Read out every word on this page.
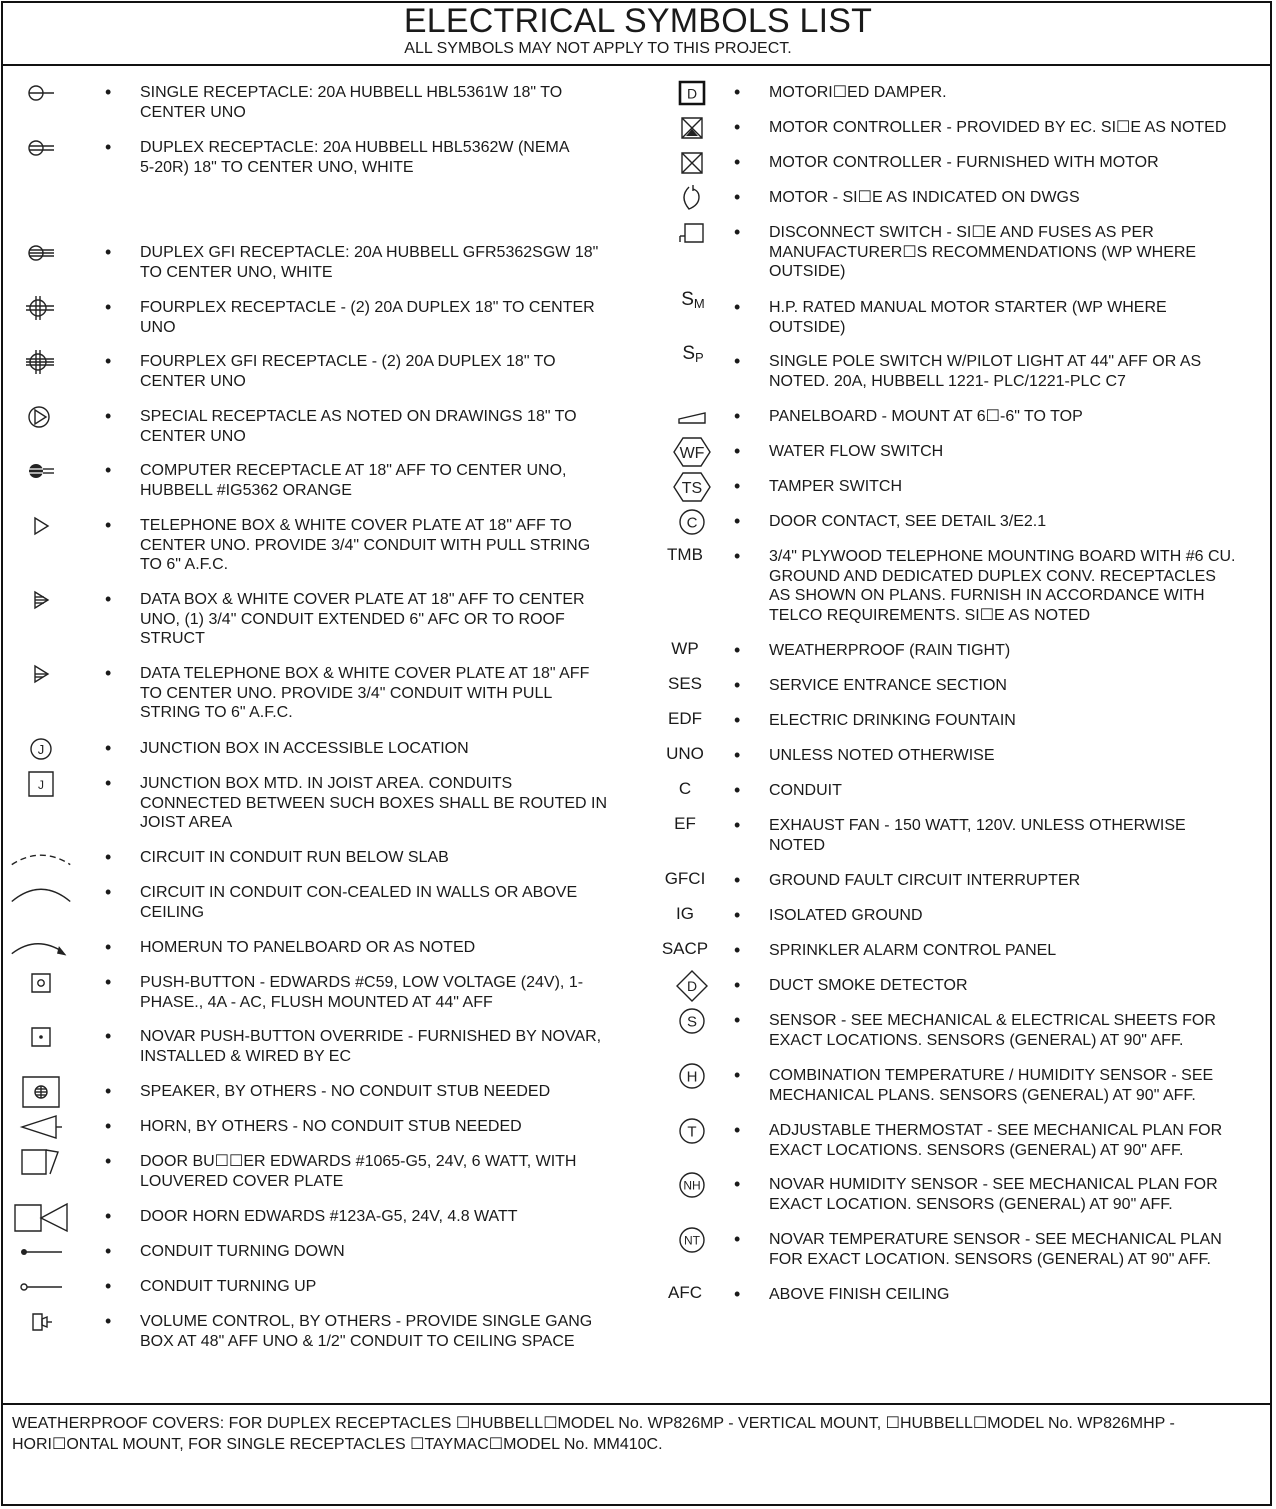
ELECTRICAL SYMBOLS LIST
ALL SYMBOLS MAY NOT APPLY TO THIS PROJECT.
• SINGLE RECEPTACLE: 20A HUBBELL HBL5361W 18" TO
CENTER UNO
• DUPLEX RECEPTACLE: 20A HUBBELL HBL5362W (NEMA
5-20R) 18" TO CENTER UNO, WHITE
• DUPLEX GFI RECEPTACLE: 20A HUBBELL GFR5362SGW 18"
TO CENTER UNO, WHITE
• FOURPLEX RECEPTACLE - (2) 20A DUPLEX 18" TO CENTER
UNO
• FOURPLEX GFI RECEPTACLE - (2) 20A DUPLEX 18" TO
CENTER UNO
• SPECIAL RECEPTACLE AS NOTED ON DRAWINGS 18" TO
CENTER UNO
• COMPUTER RECEPTACLE AT 18" AFF TO CENTER UNO,
HUBBELL #IG5362 ORANGE
• TELEPHONE BOX & WHITE COVER PLATE AT 18" AFF TO
CENTER UNO. PROVIDE 3/4" CONDUIT WITH PULL STRING
TO 6" A.F.C.
• DATA BOX & WHITE COVER PLATE AT 18" AFF TO CENTER
UNO, (1) 3/4" CONDUIT EXTENDED 6" AFC OR TO ROOF
STRUCT
• DATA TELEPHONE BOX & WHITE COVER PLATE AT 18" AFF
TO CENTER UNO. PROVIDE 3/4" CONDUIT WITH PULL
STRING TO 6" A.F.C.
J	• JUNCTION BOX IN ACCESSIBLE LOCATION
J	• JUNCTION BOX MTD. IN JOIST AREA. CONDUITS
CONNECTED BETWEEN SUCH BOXES SHALL BE ROUTED IN
JOIST AREA
• CIRCUIT IN CONDUIT RUN BELOW SLAB
• CIRCUIT IN CONDUIT CON-CEALED IN WALLS OR ABOVE
CEILING
• HOMERUN TO PANELBOARD OR AS NOTED
• PUSH-BUTTON - EDWARDS #C59, LOW VOLTAGE (24V), 1-
PHASE., 4A - AC, FLUSH MOUNTED AT 44" AFF
• NOVAR PUSH-BUTTON OVERRIDE - FURNISHED BY NOVAR,
INSTALLED & WIRED BY EC
• SPEAKER, BY OTHERS - NO CONDUIT STUB NEEDED
• HORN, BY OTHERS - NO CONDUIT STUB NEEDED
• DOOR BU☐☐ER EDWARDS #1065-G5, 24V, 6 WATT, WITH
LOUVERED COVER PLATE
• DOOR HORN EDWARDS #123A-G5, 24V, 4.8 WATT
• CONDUIT TURNING DOWN
• CONDUIT TURNING UP
• VOLUME CONTROL, BY OTHERS - PROVIDE SINGLE GANG
BOX AT 48" AFF UNO & 1/2" CONDUIT TO CEILING SPACE
D • MOTORI☐ED DAMPER.
• MOTOR CONTROLLER - PROVIDED BY EC. SI☐E AS NOTED
• MOTOR CONTROLLER - FURNISHED WITH MOTOR
• MOTOR - SI☐E AS INDICATED ON DWGS
• DISCONNECT SWITCH - SI☐E AND FUSES AS PER
MANUFACTURER☐S RECOMMENDATIONS (WP WHERE
OUTSIDE)
SM	• H.P. RATED MANUAL MOTOR STARTER (WP WHERE
OUTSIDE)
SP	• SINGLE POLE SWITCH W/PILOT LIGHT AT 44" AFF OR AS
NOTED. 20A, HUBBELL 1221- PLC/1221-PLC C7
• PANELBOARD - MOUNT AT 6☐‐6" TO TOP
WF • WATER FLOW SWITCH
TS • TAMPER SWITCH
C • DOOR CONTACT, SEE DETAIL 3/E2.1
TMB	• 3/4" PLYWOOD TELEPHONE MOUNTING BOARD WITH #6 CU.
GROUND AND DEDICATED DUPLEX CONV. RECEPTACLES
AS SHOWN ON PLANS. FURNISH IN ACCORDANCE WITH
TELCO REQUIREMENTS. SI☐E AS NOTED
WP	• WEATHERPROOF (RAIN TIGHT)
SES	• SERVICE ENTRANCE SECTION
EDF	• ELECTRIC DRINKING FOUNTAIN
UNO	• UNLESS NOTED OTHERWISE
C	• CONDUIT
EF	• EXHAUST FAN - 150 WATT, 120V. UNLESS OTHERWISE
NOTED
GFCI	• GROUND FAULT CIRCUIT INTERRUPTER
IG	• ISOLATED GROUND
SACP	• SPRINKLER ALARM CONTROL PANEL
D • DUCT SMOKE DETECTOR
S • SENSOR - SEE MECHANICAL & ELECTRICAL SHEETS FOR
EXACT LOCATIONS. SENSORS (GENERAL) AT 90" AFF.
H • COMBINATION TEMPERATURE / HUMIDITY SENSOR - SEE
MECHANICAL PLANS. SENSORS (GENERAL) AT 90" AFF.
T • ADJUSTABLE THERMOSTAT - SEE MECHANICAL PLAN FOR
EXACT LOCATIONS. SENSORS (GENERAL) AT 90" AFF.
NH • NOVAR HUMIDITY SENSOR - SEE MECHANICAL PLAN FOR
EXACT LOCATION. SENSORS (GENERAL) AT 90" AFF.
NT • NOVAR TEMPERATURE SENSOR - SEE MECHANICAL PLAN
FOR EXACT LOCATION. SENSORS (GENERAL) AT 90" AFF.
AFC	• ABOVE FINISH CEILING
WEATHERPROOF COVERS: FOR DUPLEX RECEPTACLES ☐HUBBELL☐MODEL No. WP826MP - VERTICAL MOUNT, ☐HUBBELL☐MODEL No. WP826MHP -
HORI☐ONTAL MOUNT, FOR SINGLE RECEPTACLES ☐TAYMAC☐MODEL No. MM410C.
